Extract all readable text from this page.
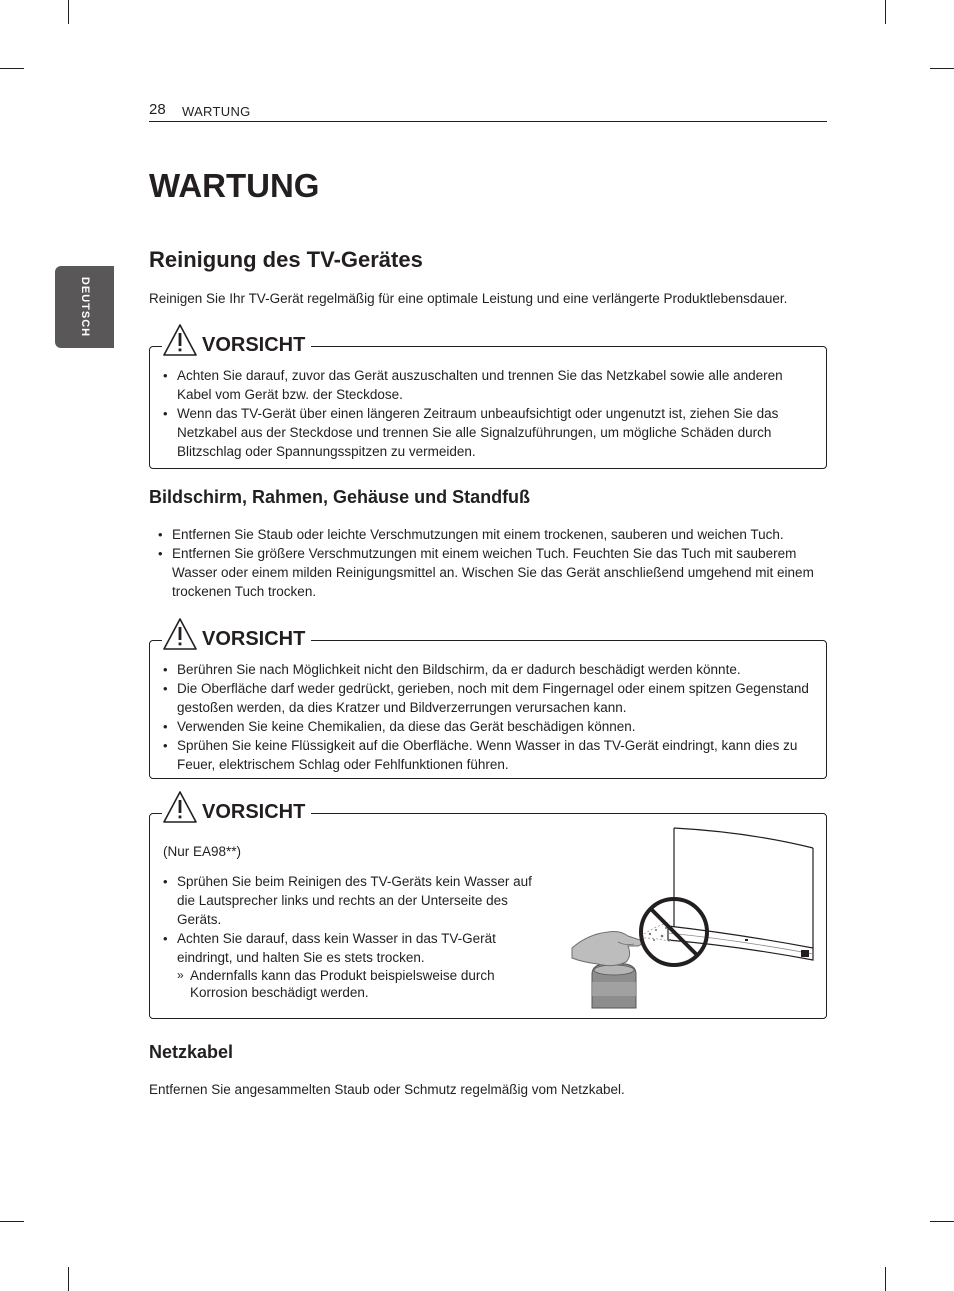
28 WARTUNG
DEUTSCH
WARTUNG
Reinigung des TV-Gerätes

Reinigen Sie Ihr TV-Gerät regelmäßig für eine optimale Leistung und eine verlängerte Produktlebensdauer.

VORSICHT
• Achten Sie darauf, zuvor das Gerät auszuschalten und trennen Sie das Netzkabel sowie alle anderen Kabel vom Gerät bzw. der Steckdose.
• Wenn das TV-Gerät über einen längeren Zeitraum unbeaufsichtigt oder ungenutzt ist, ziehen Sie das Netzkabel aus der Steckdose und trennen Sie alle Signalzuführungen, um mögliche Schäden durch Blitzschlag oder Spannungsspitzen zu vermeiden.
Bildschirm, Rahmen, Gehäuse und Standfuß
• Entfernen Sie Staub oder leichte Verschmutzungen mit einem trockenen, sauberen und weichen Tuch.
• Entfernen Sie größere Verschmutzungen mit einem weichen Tuch. Feuchten Sie das Tuch mit sauberem Wasser oder einem milden Reinigungsmittel an. Wischen Sie das Gerät anschließend umgehend mit einem trockenen Tuch trocken.
VORSICHT
• Berühren Sie nach Möglichkeit nicht den Bildschirm, da er dadurch beschädigt werden könnte.
• Die Oberfläche darf weder gedrückt, gerieben, noch mit dem Fingernagel oder einem spitzen Gegenstand gestoßen werden, da dies Kratzer und Bildverzerrungen verursachen kann.
• Verwenden Sie keine Chemikalien, da diese das Gerät beschädigen können.
• Sprühen Sie keine Flüssigkeit auf die Oberfläche. Wenn Wasser in das TV-Gerät eindringt, kann dies zu Feuer, elektrischem Schlag oder Fehlfunktionen führen.
VORSICHT
(Nur EA98**)
• Sprühen Sie beim Reinigen des TV-Geräts kein Wasser auf die Lautsprecher links und rechts an der Unterseite des Geräts.
• Achten Sie darauf, dass kein Wasser in das TV-Gerät eindringt, und halten Sie es stets trocken.
» Andernfalls kann das Produkt beispielsweise durch Korrosion beschädigt werden.
Netzkabel

Entfernen Sie angesammelten Staub oder Schmutz regelmäßig vom Netzkabel.
